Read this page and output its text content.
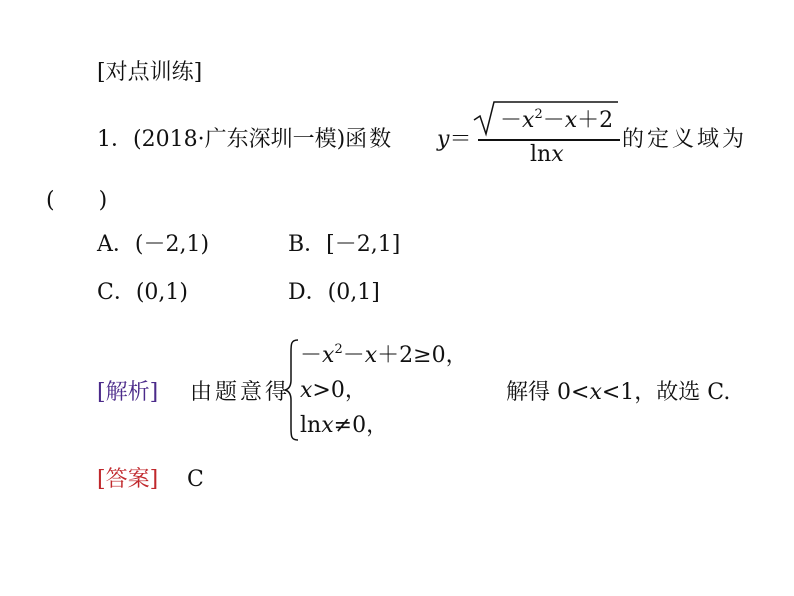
[对点训练]
1．(2018·广东深圳一模)函数 y＝
$-x^2-x+2$
lnx
的定义域为
(　　)
A．(－2,1)	B．[－2,1]
C．(0,1)	D．(0,1]
[解析] 由题意得
$-x^2-x+2\ge 0$，
x>0，
lnx≠0，
解得 0<x<1，故选 C.
[答案] C
